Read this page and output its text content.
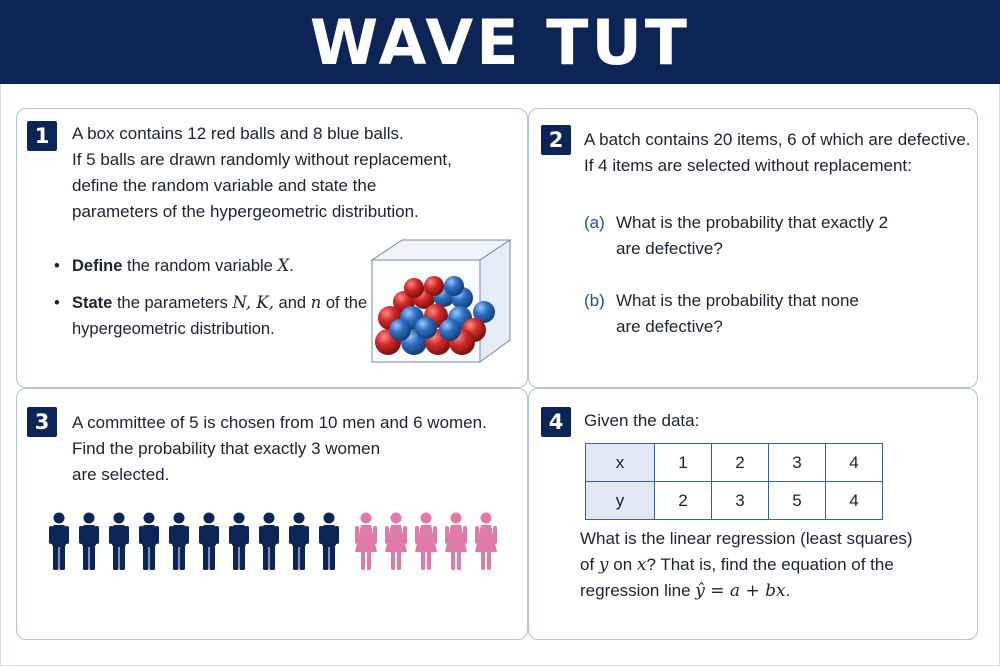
WAVE TUT
1	A box contains 12 red balls and 8 blue balls.

If 5 balls are drawn randomly without replacement,

define the random variable and state the

parameters of the hypergeometric distribution.

• Define the random variable X.
• State the parameters N, K, and n of the
hypergeometric distribution.
2	A batch contains 20 items, 6 of which are defective.

If 4 items are selected without replacement:

(a) What is the probability that exactly 2

are defective?

(b) What is the probability that none

are defective?

3	A committee of 5 is chosen from 10 men and 6 women.

Find the probability that exactly 3 women

are selected.

4	Given the data:
x	1	2	3	4
y	2	3	5	4

What is the linear regression (least squares)

of y on x? That is, find the equation of the

regression line ŷ = a + bx.
